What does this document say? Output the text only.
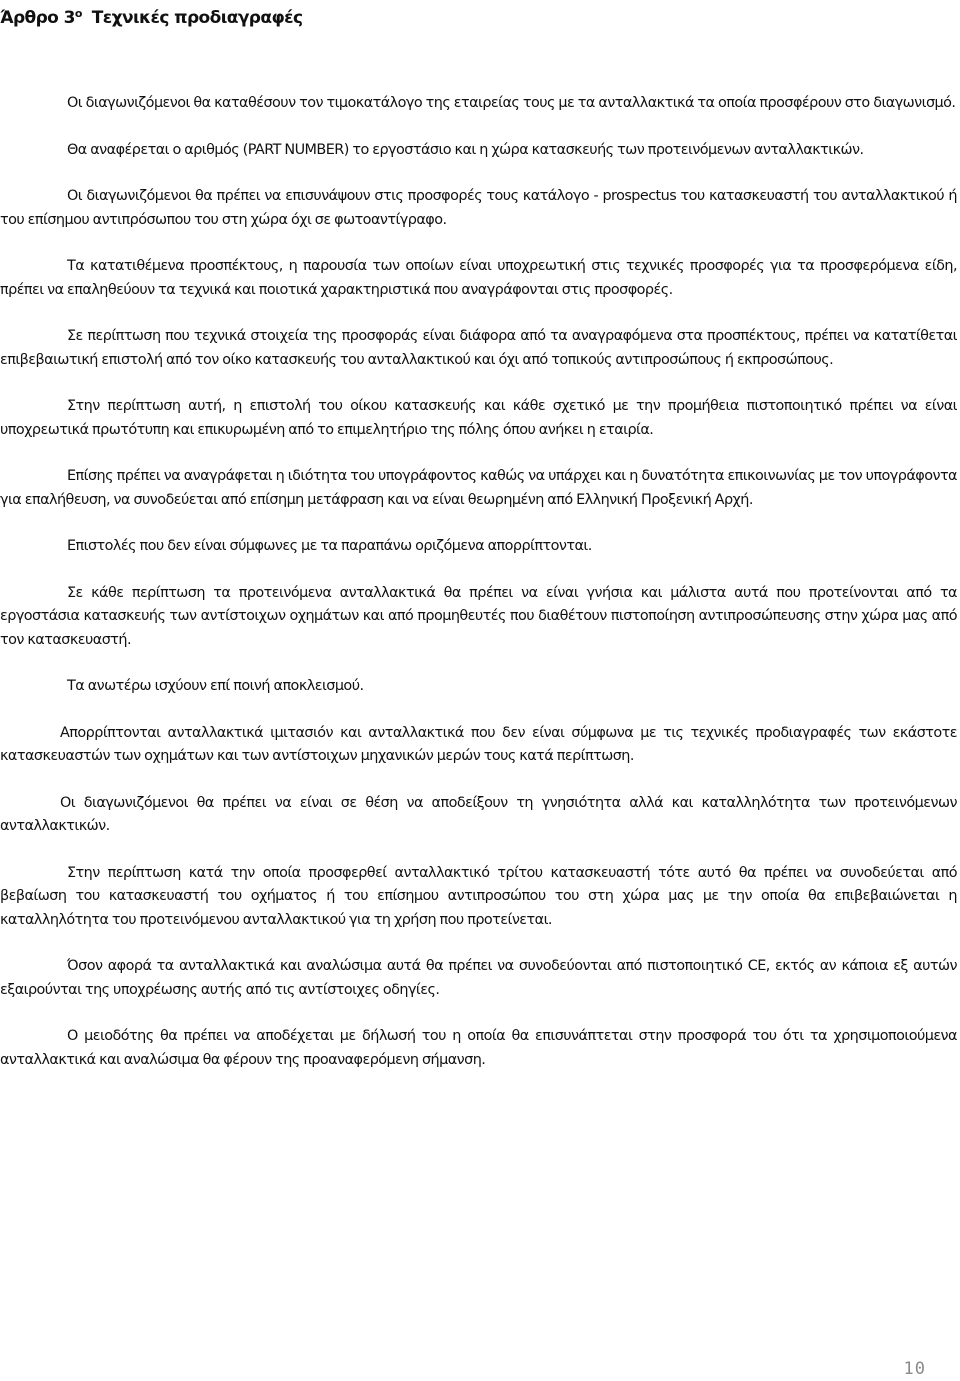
Άρθρο $3^o$ Τεχνικές προδιαγραφές

Οι διαγωνιζόμενοι θα καταθέσουν τον τιμοκατάλογο της εταιρείας τους με τα ανταλλακτικά τα οποία προσφέρουν στο διαγωνισμό.

Θα αναφέρεται ο αριθμός (PART NUMBER) το εργοστάσιο και η χώρα κατασκευής των προτεινόμενων ανταλλακτικών.

Οι διαγωνιζόμενοι θα πρέπει να επισυνάψουν στις προσφορές τους κατάλογο - prospectus του κατασκευαστή του ανταλλακτικού ή του επίσημου αντιπρόσωπου του στη χώρα όχι σε φωτοαντίγραφο.

Τα κατατιθέμενα προσπέκτους, η παρουσία των οποίων είναι υποχρεωτική στις τεχνικές προσφορές για τα προσφερόμενα είδη, πρέπει να επαληθεύουν τα τεχνικά και ποιοτικά χαρακτηριστικά που αναγράφονται στις προσφορές.

Σε περίπτωση που τεχνικά στοιχεία της προσφοράς είναι διάφορα από τα αναγραφόμενα στα προσπέκτους, πρέπει να κατατίθεται επιβεβαιωτική επιστολή από τον οίκο κατασκευής του ανταλλακτικού και όχι από τοπικούς αντιπροσώπους ή εκπροσώπους.

Στην περίπτωση αυτή, η επιστολή του οίκου κατασκευής και κάθε σχετικό με την προμήθεια πιστοποιητικό πρέπει να είναι υποχρεωτικά πρωτότυπη και επικυρωμένη από το επιμελητήριο της πόλης όπου ανήκει η εταιρία.

Επίσης πρέπει να αναγράφεται η ιδιότητα του υπογράφοντος καθώς να υπάρχει και η δυνατότητα επικοινωνίας με τον υπογράφοντα για επαλήθευση, να συνοδεύεται από επίσημη μετάφραση και να είναι θεωρημένη από Ελληνική Προξενική Αρχή.

Επιστολές που δεν είναι σύμφωνες με τα παραπάνω οριζόμενα απορρίπτονται.

Σε κάθε περίπτωση τα προτεινόμενα ανταλλακτικά θα πρέπει να είναι γνήσια και μάλιστα αυτά που προτείνονται από τα εργοστάσια κατασκευής των αντίστοιχων οχημάτων και από προμηθευτές που διαθέτουν πιστοποίηση αντιπροσώπευσης στην χώρα μας από τον κατασκευαστή.

Τα ανωτέρω ισχύουν επί ποινή αποκλεισμού.

Απορρίπτονται ανταλλακτικά ιμιτασιόν και ανταλλακτικά που δεν είναι σύμφωνα με τις τεχνικές προδιαγραφές των εκάστοτε κατασκευαστών των οχημάτων και των αντίστοιχων μηχανικών μερών τους κατά περίπτωση.

Οι διαγωνιζόμενοι θα πρέπει να είναι σε θέση να αποδείξουν τη γνησιότητα αλλά και καταλληλότητα των προτεινόμενων ανταλλακτικών.

Στην περίπτωση κατά την οποία προσφερθεί ανταλλακτικό τρίτου κατασκευαστή τότε αυτό θα πρέπει να συνοδεύεται από βεβαίωση του κατασκευαστή του οχήματος ή του επίσημου αντιπροσώπου του στη χώρα μας με την οποία θα επιβεβαιώνεται η καταλληλότητα του προτεινόμενου ανταλλακτικού για τη χρήση που προτείνεται.

Όσον αφορά τα ανταλλακτικά και αναλώσιμα αυτά θα πρέπει να συνοδεύονται από πιστοποιητικό CE, εκτός αν κάποια εξ αυτών εξαιρούνται της υποχρέωσης αυτής από τις αντίστοιχες οδηγίες.

Ο μειοδότης θα πρέπει να αποδέχεται με δήλωσή του η οποία θα επισυνάπτεται στην προσφορά του ότι τα χρησιμοποιούμενα ανταλλακτικά και αναλώσιμα θα φέρουν της προαναφερόμενη σήμανση.

10
